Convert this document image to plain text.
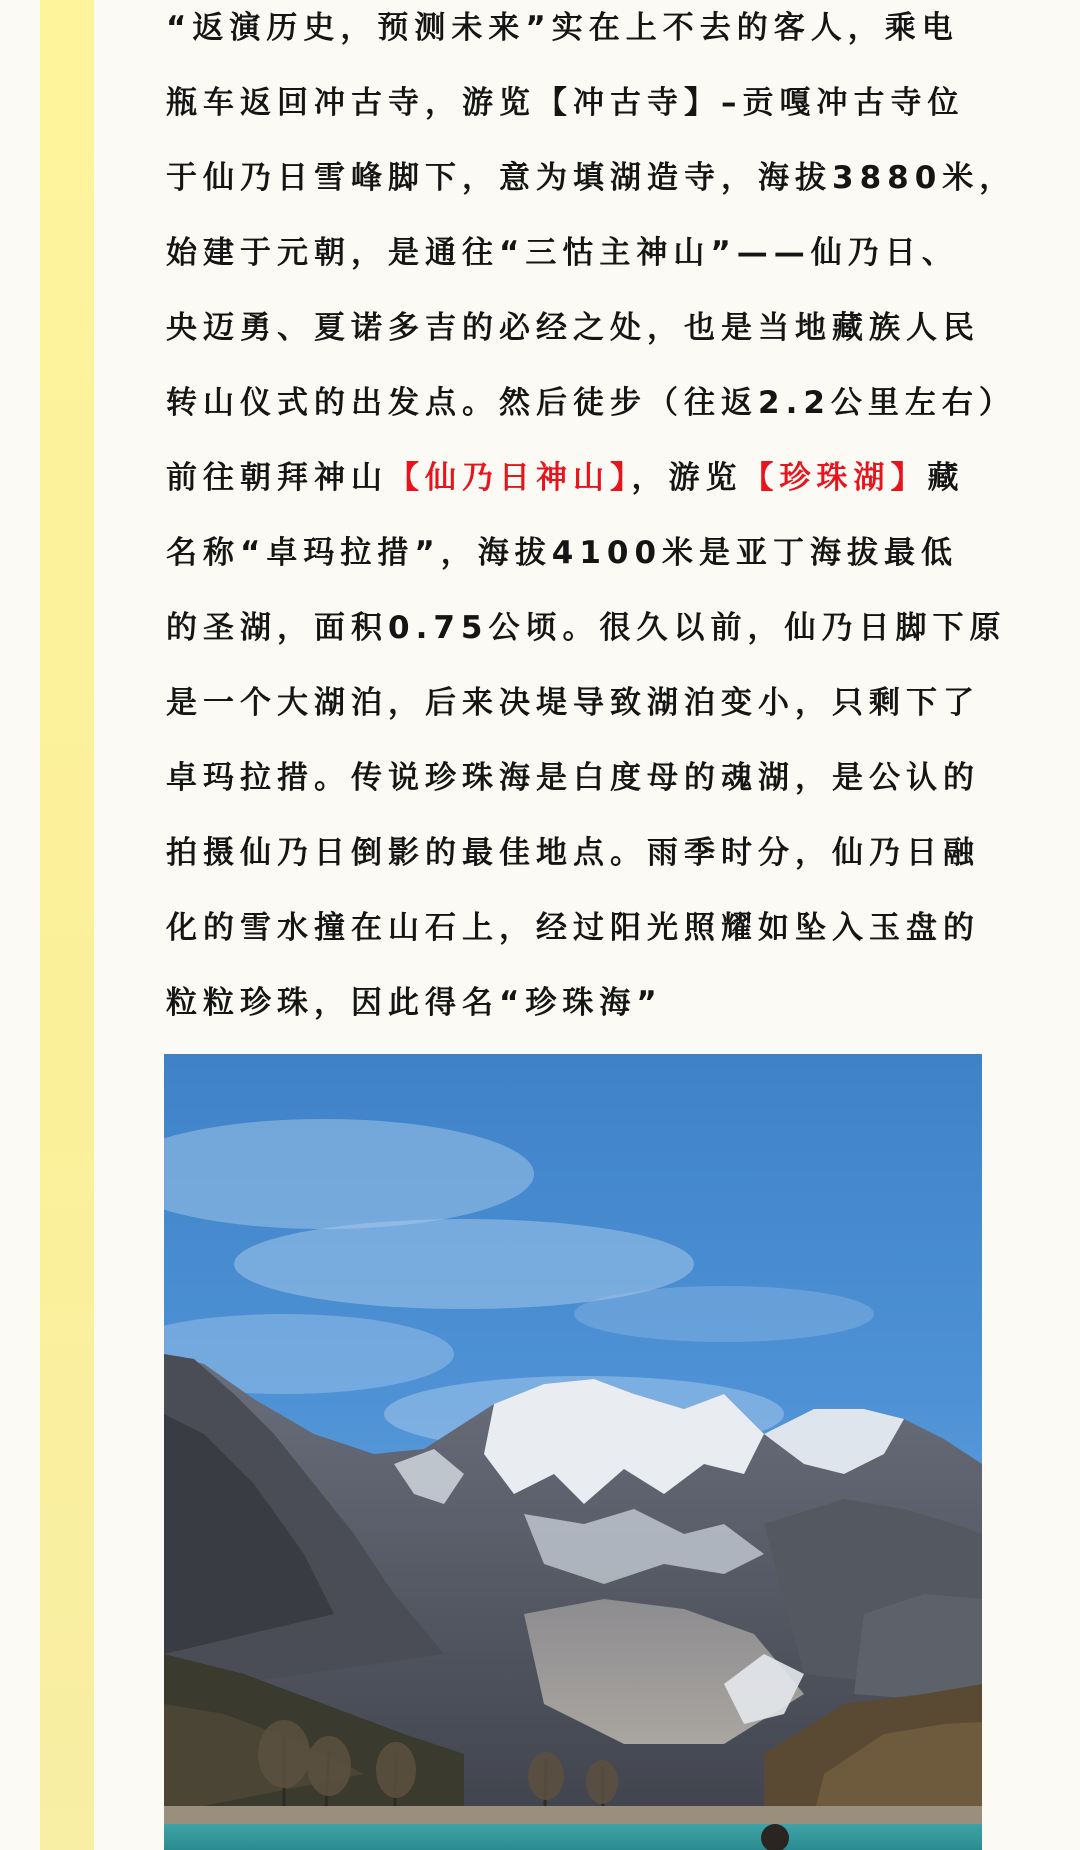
“返演历史，预测未来”实在上不去的客人，乘电
瓶车返回冲古寺，游览【冲古寺】–贡嘎冲古寺位
于仙乃日雪峰脚下，意为填湖造寺，海拔3880米，
始建于元朝，是通往“三怙主神山”——仙乃日、
央迈勇、夏诺多吉的必经之处，也是当地藏族人民
转山仪式的出发点。然后徒步（往返2.2公里左右）
前往朝拜神山【仙乃日神山】，游览【珍珠湖】藏
名称“卓玛拉措”，海拔4100米是亚丁海拔最低
的圣湖，面积0.75公顷。很久以前，仙乃日脚下原
是一个大湖泊，后来决堤导致湖泊变小，只剩下了
卓玛拉措。传说珍珠海是白度母的魂湖，是公认的
拍摄仙乃日倒影的最佳地点。雨季时分，仙乃日融
化的雪水撞在山石上，经过阳光照耀如坠入玉盘的
粒粒珍珠，因此得名“珍珠海”
